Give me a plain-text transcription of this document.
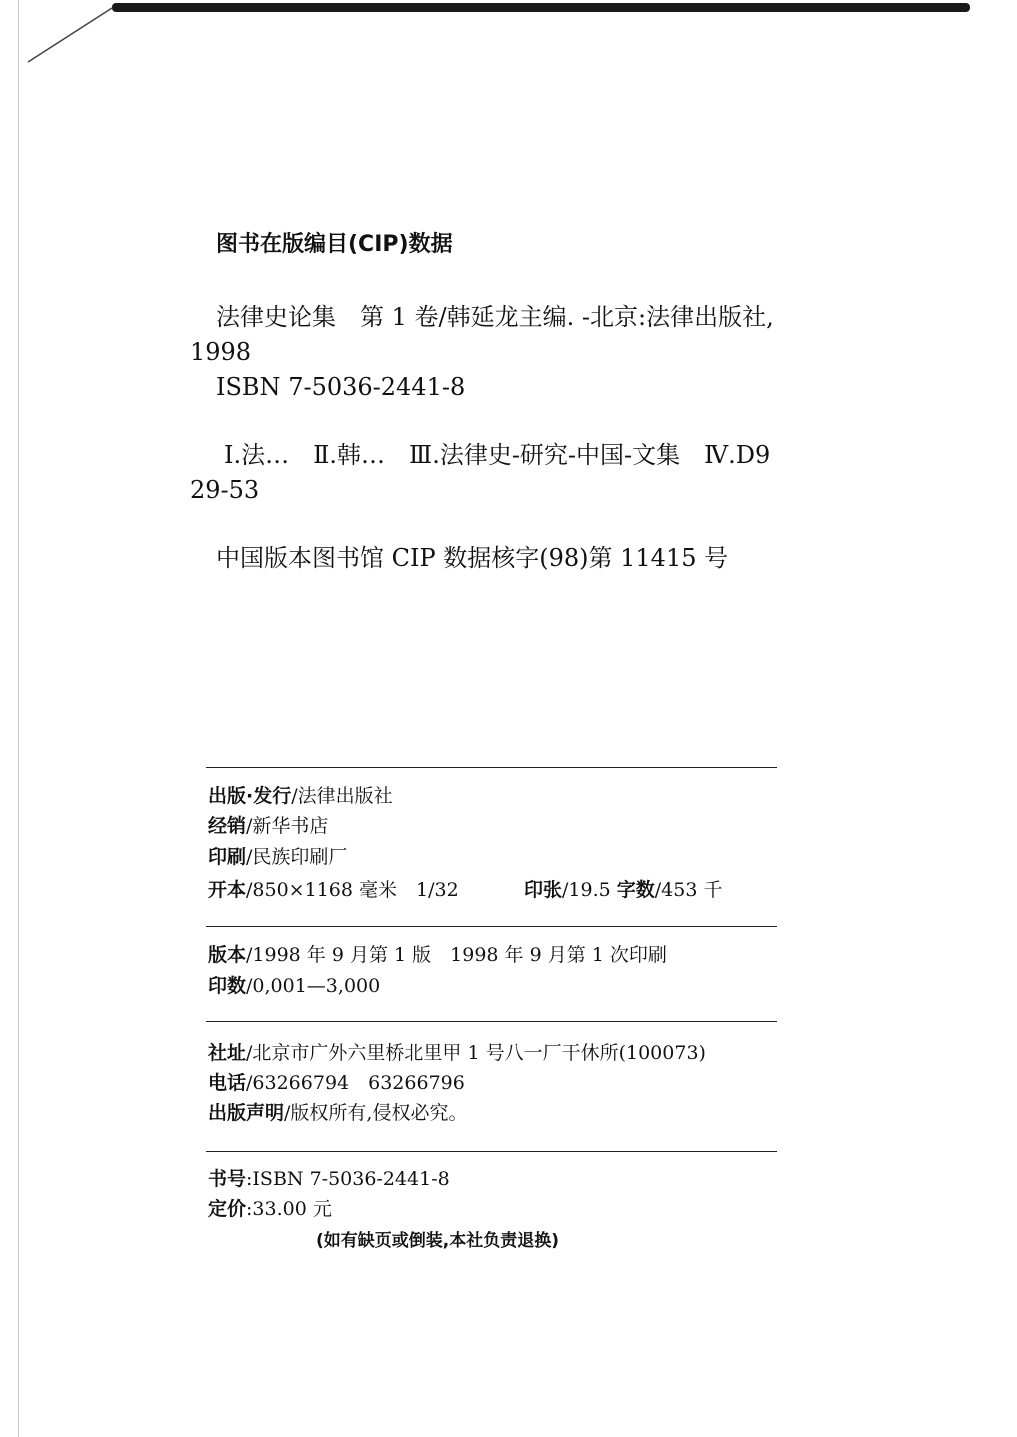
图书在版编目(CIP)数据
法律史论集　第 1 卷/韩延龙主编. -北京:法律出版社,
1998
ISBN 7-5036-2441-8
Ⅰ.法…　Ⅱ.韩…　Ⅲ.法律史-研究-中国-文集　Ⅳ.D9
29-53
中国版本图书馆 CIP 数据核字(98)第 11415 号
出版·发行/法律出版社
经销/新华书店
印刷/民族印刷厂
开本/850×1168 毫米　1/32	印张/19.5 字数/453 千
版本/1998 年 9 月第 1 版　1998 年 9 月第 1 次印刷
印数/0,001—3,000
社址/北京市广外六里桥北里甲 1 号八一厂干休所(100073)
电话/63266794　63266796
出版声明/版权所有,侵权必究。
书号:ISBN 7-5036-2441-8
定价:33.00 元
(如有缺页或倒装,本社负责退换)
